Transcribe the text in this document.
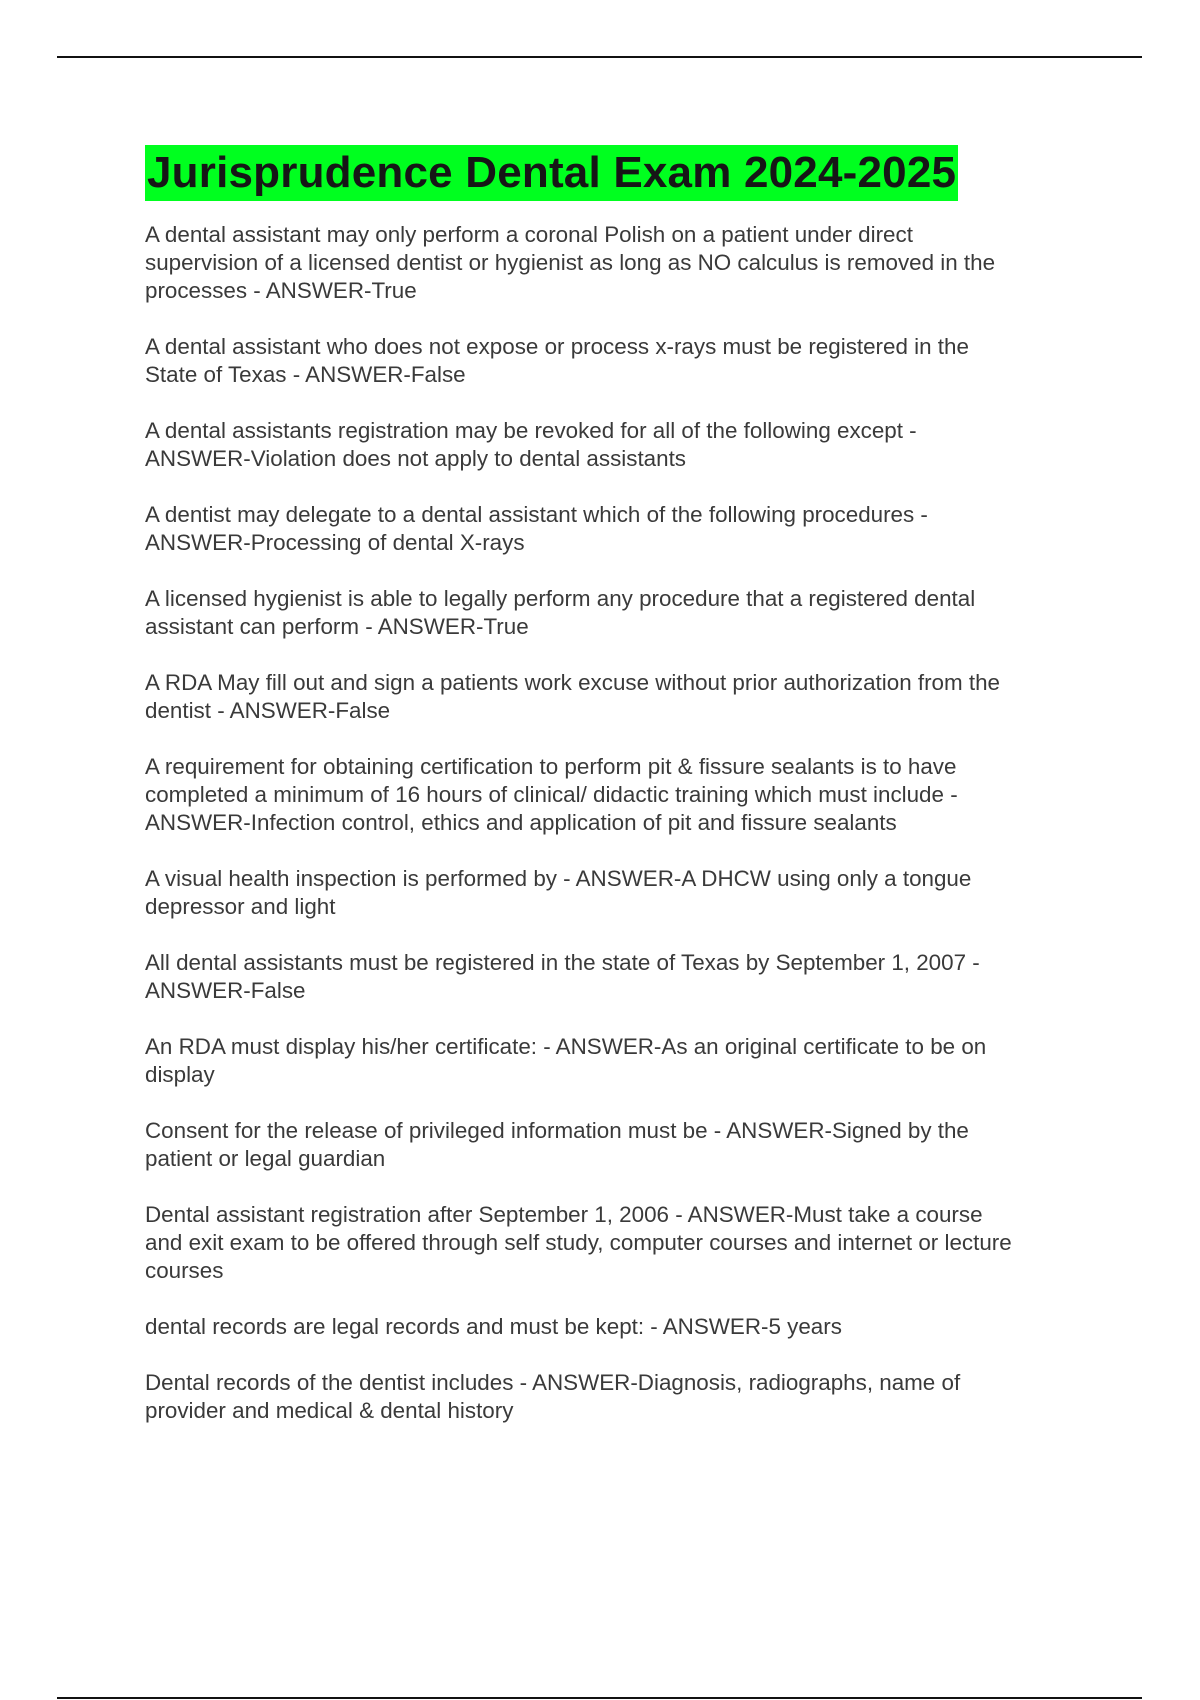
Jurisprudence Dental Exam 2024-2025
A dental assistant may only perform a coronal Polish on a patient under direct
supervision of a licensed dentist or hygienist as long as NO calculus is removed in the
processes - ANSWER-True
A dental assistant who does not expose or process x-rays must be registered in the
State of Texas - ANSWER-False
A dental assistants registration may be revoked for all of the following except -
ANSWER-Violation does not apply to dental assistants
A dentist may delegate to a dental assistant which of the following procedures -
ANSWER-Processing of dental X-rays
A licensed hygienist is able to legally perform any procedure that a registered dental
assistant can perform - ANSWER-True
A RDA May fill out and sign a patients work excuse without prior authorization from the
dentist - ANSWER-False
A requirement for obtaining certification to perform pit & fissure sealants is to have
completed a minimum of 16 hours of clinical/ didactic training which must include -
ANSWER-Infection control, ethics and application of pit and fissure sealants
A visual health inspection is performed by - ANSWER-A DHCW using only a tongue
depressor and light
All dental assistants must be registered in the state of Texas by September 1, 2007 -
ANSWER-False
An RDA must display his/her certificate: - ANSWER-As an original certificate to be on
display
Consent for the release of privileged information must be - ANSWER-Signed by the
patient or legal guardian
Dental assistant registration after September 1, 2006 - ANSWER-Must take a course
and exit exam to be offered through self study, computer courses and internet or lecture
courses
dental records are legal records and must be kept: - ANSWER-5 years
Dental records of the dentist includes - ANSWER-Diagnosis, radiographs, name of
provider and medical & dental history
